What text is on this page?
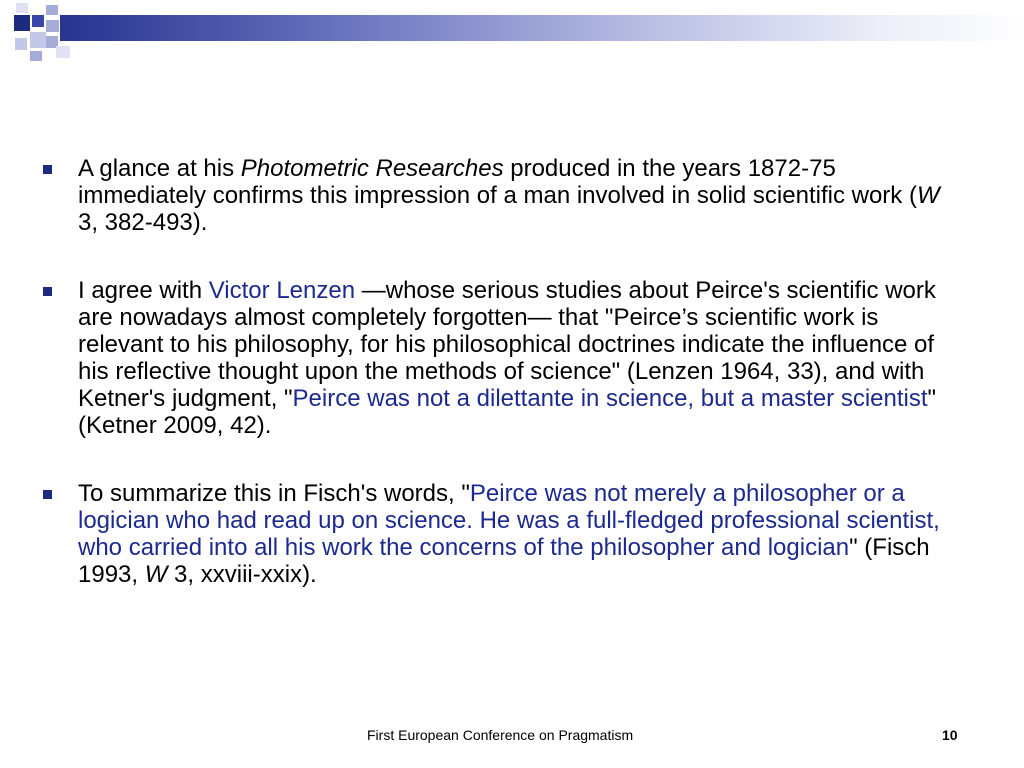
A glance at his Photometric Researches produced in the years 1872-75 immediately confirms this impression of a man involved in solid scientific work (W 3, 382-493).
I agree with Victor Lenzen —whose serious studies about Peirce's scientific work are nowadays almost completely forgotten— that "Peirce’s scientific work is relevant to his philosophy, for his philosophical doctrines indicate the influence of his reflective thought upon the methods of science" (Lenzen 1964, 33), and with Ketner's judgment, "Peirce was not a dilettante in science, but a master scientist" (Ketner 2009, 42).
To summarize this in Fisch's words, "Peirce was not merely a philosopher or a logician who had read up on science. He was a full-fledged professional scientist, who carried into all his work the concerns of the philosopher and logician" (Fisch 1993, W 3, xxviii-xxix).
First European Conference on Pragmatism	10
